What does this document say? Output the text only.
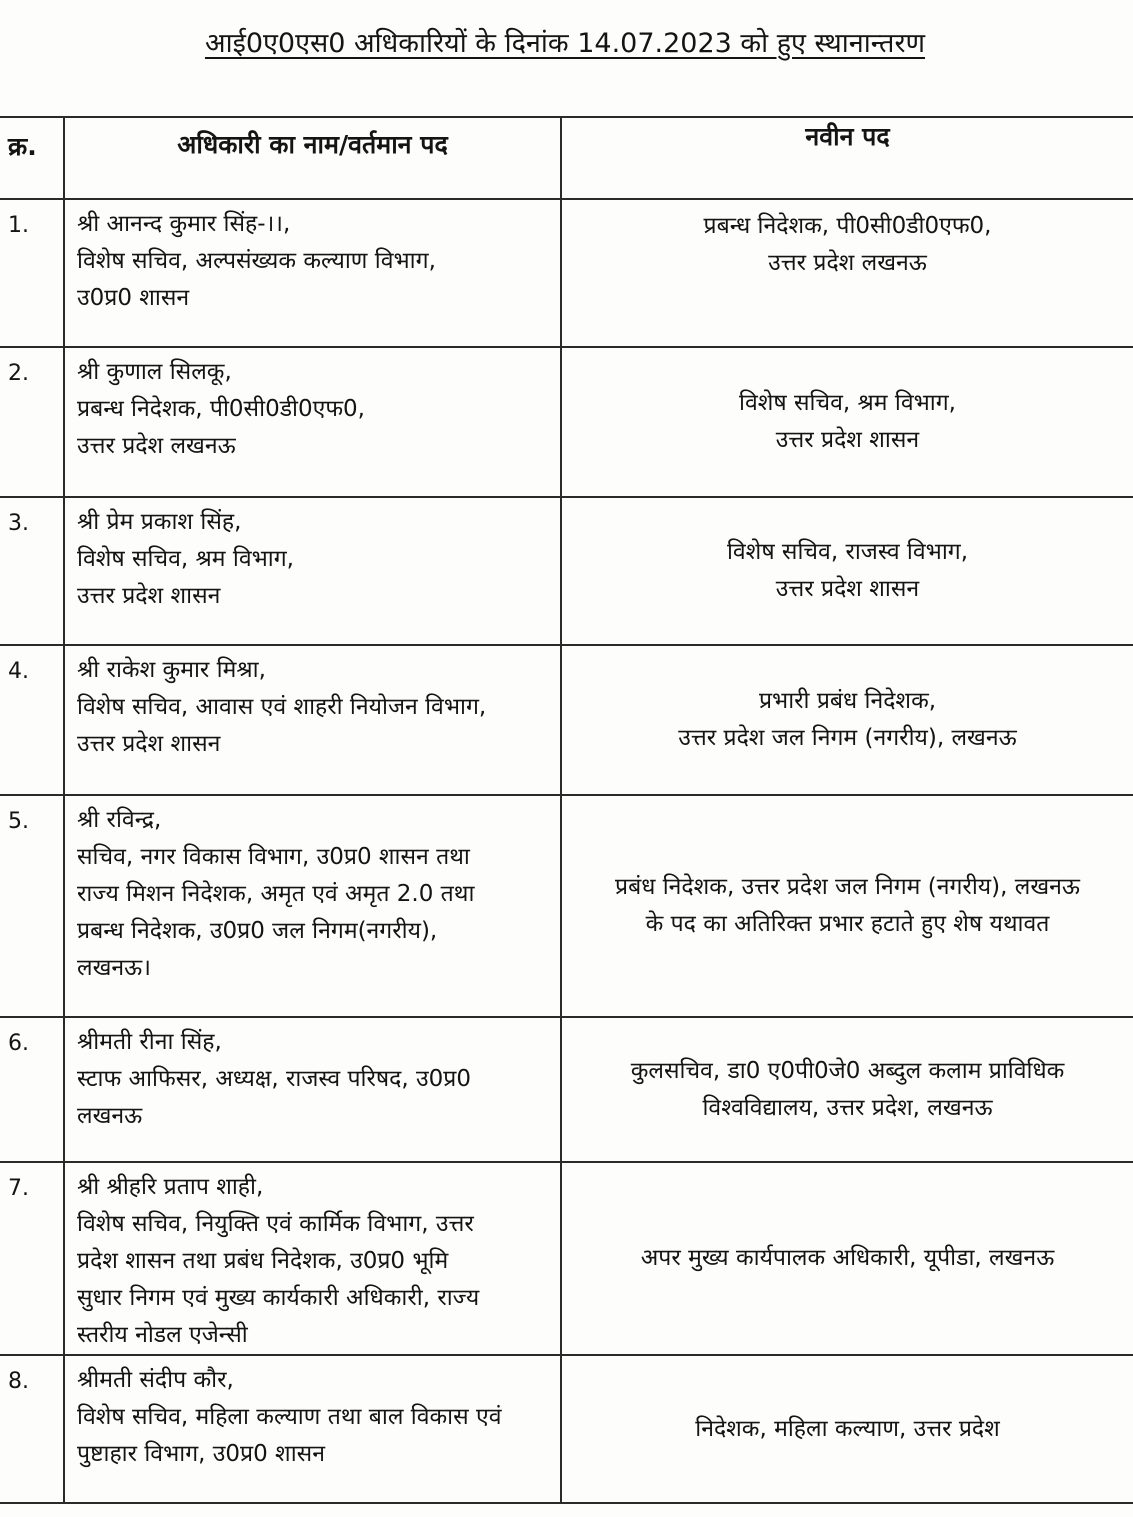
आई0ए0एस0 अधिकारियों के दिनांक 14.07.2023 को हुए स्थानान्तरण
क्र.	अधिकारी का नाम/वर्तमान पद	नवीन पद

1.	श्री आनन्द कुमार सिंह-।।,
विशेष सचिव, अल्पसंख्यक कल्याण विभाग,
उ0प्र0 शासन	प्रबन्ध निदेशक, पी0सी0डी0एफ0,
उत्तर प्रदेश लखनऊ

2.	श्री कुणाल सिलकू,
प्रबन्ध निदेशक, पी0सी0डी0एफ0,
उत्तर प्रदेश लखनऊ	विशेष सचिव, श्रम विभाग,
उत्तर प्रदेश शासन

3.	श्री प्रेम प्रकाश सिंह,
विशेष सचिव, श्रम विभाग,
उत्तर प्रदेश शासन	विशेष सचिव, राजस्व विभाग,
उत्तर प्रदेश शासन

4.	श्री राकेश कुमार मिश्रा,
विशेष सचिव, आवास एवं शाहरी नियोजन विभाग,
उत्तर प्रदेश शासन	प्रभारी प्रबंध निदेशक,
उत्तर प्रदेश जल निगम (नगरीय), लखनऊ

5.	श्री रविन्द्र,
सचिव, नगर विकास विभाग, उ0प्र0 शासन तथा
राज्य मिशन निदेशक, अमृत एवं अमृत 2.0 तथा
प्रबन्ध निदेशक, उ0प्र0 जल निगम(नगरीय),
लखनऊ।	प्रबंध निदेशक, उत्तर प्रदेश जल निगम (नगरीय), लखनऊ
के पद का अतिरिक्त प्रभार हटाते हुए शेष यथावत

6.	श्रीमती रीना सिंह,
स्टाफ आफिसर, अध्यक्ष, राजस्व परिषद, उ0प्र0
लखनऊ	कुलसचिव, डा0 ए0पी0जे0 अब्दुल कलाम प्राविधिक
विश्वविद्यालय, उत्तर प्रदेश, लखनऊ

7.	श्री श्रीहरि प्रताप शाही,
विशेष सचिव, नियुक्ति एवं कार्मिक विभाग, उत्तर
प्रदेश शासन तथा प्रबंध निदेशक, उ0प्र0 भूमि
सुधार निगम एवं मुख्य कार्यकारी अधिकारी, राज्य
स्तरीय नोडल एजेन्सी	अपर मुख्य कार्यपालक अधिकारी, यूपीडा, लखनऊ

8.	श्रीमती संदीप कौर,
विशेष सचिव, महिला कल्याण तथा बाल विकास एवं
पुष्टाहार विभाग, उ0प्र0 शासन	निदेशक, महिला कल्याण, उत्तर प्रदेश
